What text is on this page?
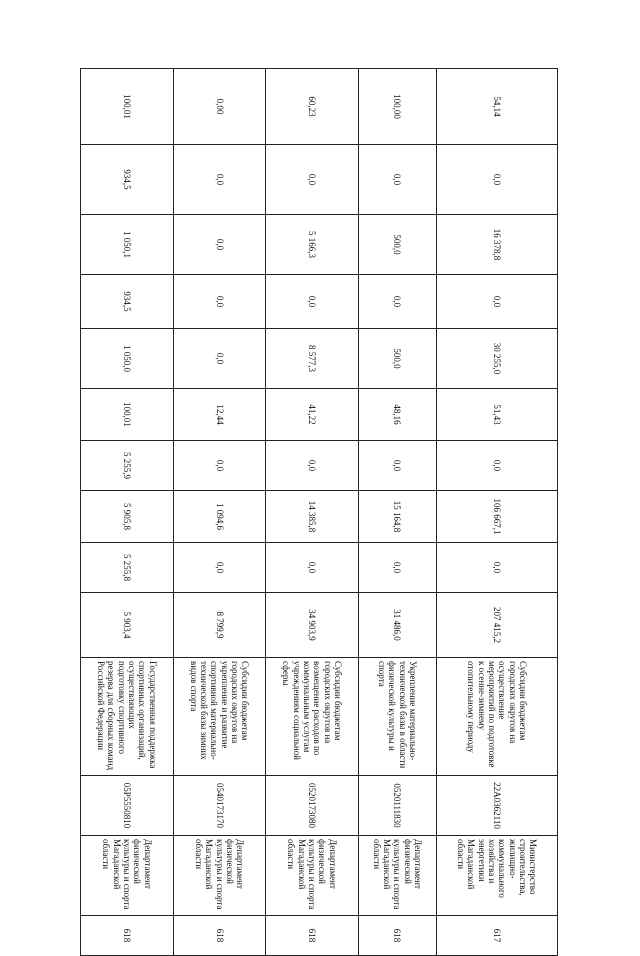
54,14	0,0	16 378,8	0,0	30 255,0	51,43	0,0	106 667,1	0,0	207 415,2	Субсидии бюджетам городских округов на осуществление мероприятий по подготовке к осенне-зимнему отопительному периоду	22А0362110	Министерство строительства, жилищно-коммунального хозяйства и энергетики Магаданской области	617
100,00	0,0	500,0	0,0	500,0	48,16	0,0	15 164,8	0,0	31 486,0	Укрепление материально-технической базы в области физической культуры и спорта	0520111830	Департамент физической культуры и спорта Магаданской области	618
60,23	0,0	5 166,3	0,0	8 577,3	41,22	0,0	14 385,8	0,0	34 903,9	Субсидии бюджетам городских округов на возмещение расходов по коммунальным услугам учреждениям социальной сферы	0520173080	Департамент физической культуры и спорта Магаданской области	618
0,00	0,0	0,0	0,0	0,0	12,44	0,0	1 094,6	0,0	8 799,9	Субсидии бюджетам городских округов на укрепление и развитие спортивной материально-технической базы зимних видов спорта	0540173170	Департамент физической культуры и спорта Магаданской области	618
100,01	934,5	1 050,1	934,5	1 050,0	100,01	5 255,9	5 905,8	5 255,8	5 903,4	Государственная поддержка спортивных организаций, осуществляющих подготовку спортивного резерва для сборных команд Российской Федерации	05Р5550810	Департамент физической культуры и спорта Магаданской области	618
